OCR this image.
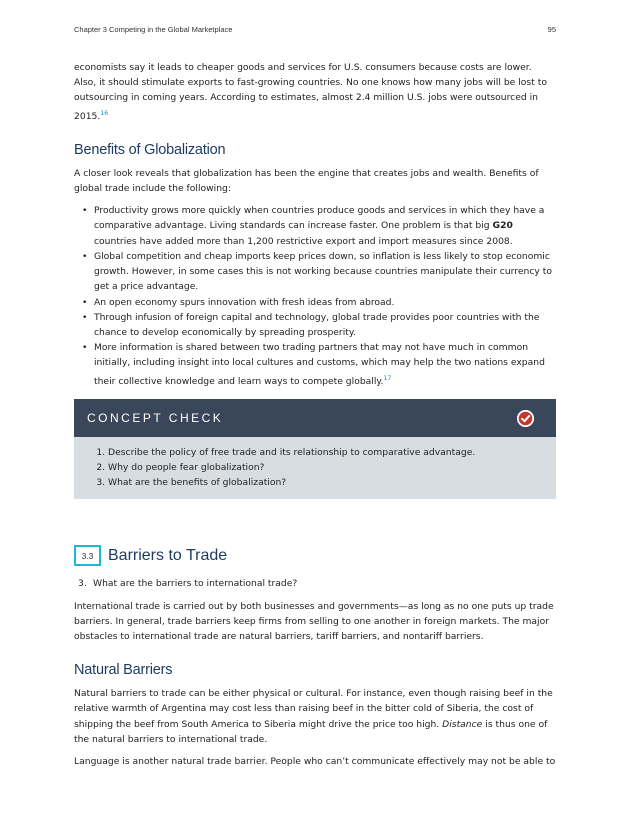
Chapter 3 Competing in the Global Marketplace	95

economists say it leads to cheaper goods and services for U.S. consumers because costs are lower. Also, it should stimulate exports to fast-growing countries. No one knows how many jobs will be lost to outsourcing in coming years. According to estimates, almost 2.4 million U.S. jobs were outsourced in 2015.16

Benefits of Globalization

A closer look reveals that globalization has been the engine that creates jobs and wealth. Benefits of global trade include the following:

• Productivity grows more quickly when countries produce goods and services in which they have a comparative advantage. Living standards can increase faster. One problem is that big G20 countries have added more than 1,200 restrictive export and import measures since 2008.
• Global competition and cheap imports keep prices down, so inflation is less likely to stop economic growth. However, in some cases this is not working because countries manipulate their currency to get a price advantage.
• An open economy spurs innovation with fresh ideas from abroad.
• Through infusion of foreign capital and technology, global trade provides poor countries with the chance to develop economically by spreading prosperity.
• More information is shared between two trading partners that may not have much in common initially, including insight into local cultures and customs, which may help the two nations expand their collective knowledge and learn ways to compete globally.$^{17}$
CONCEPT CHECK
1. Describe the policy of free trade and its relationship to comparative advantage.
2. Why do people fear globalization?
3. What are the benefits of globalization?
3.3 Barriers to Trade
3. What are the barriers to international trade?

International trade is carried out by both businesses and governments—as long as no one puts up trade barriers. In general, trade barriers keep firms from selling to one another in foreign markets. The major obstacles to international trade are natural barriers, tariff barriers, and nontariff barriers.

Natural Barriers

Natural barriers to trade can be either physical or cultural. For instance, even though raising beef in the relative warmth of Argentina may cost less than raising beef in the bitter cold of Siberia, the cost of shipping the beef from South America to Siberia might drive the price too high. Distance is thus one of the natural barriers to international trade.

Language is another natural trade barrier. People who can’t communicate effectively may not be able to
